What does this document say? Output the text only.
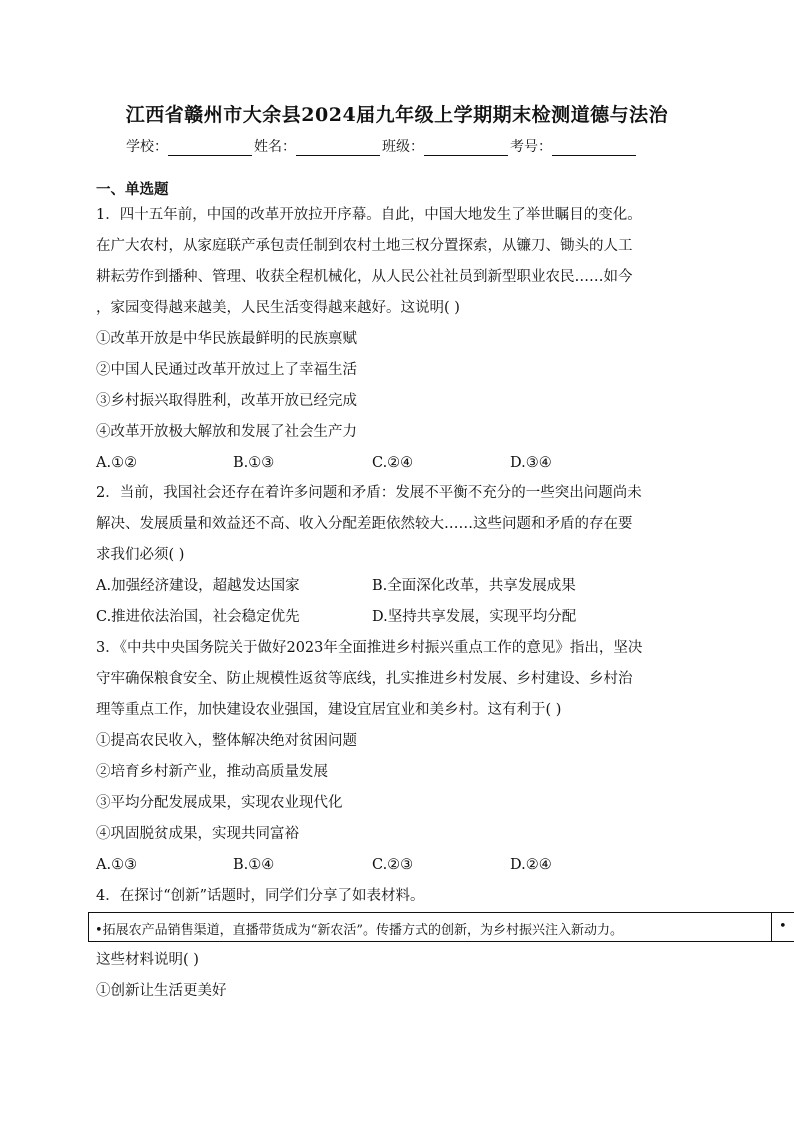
江西省赣州市大余县2024届九年级上学期期末检测道德与法治
学校：	姓名：	班级：	考号：
一、单选题
1．四十五年前，中国的改革开放拉开序幕。自此，中国大地发生了举世瞩目的变化。
在广大农村，从家庭联产承包责任制到农村土地三权分置探索，从镰刀、锄头的人工
耕耘劳作到播种、管理、收获全程机械化，从人民公社社员到新型职业农民……如今
，家园变得越来越美，人民生活变得越来越好。这说明( )
①改革开放是中华民族最鲜明的民族禀赋
②中国人民通过改革开放过上了幸福生活
③乡村振兴取得胜利，改革开放已经完成
④改革开放极大解放和发展了社会生产力
A.①②	B.①③	C.②④	D.③④
2．当前，我国社会还存在着许多问题和矛盾：发展不平衡不充分的一些突出问题尚未
解决、发展质量和效益还不高、收入分配差距依然较大……这些问题和矛盾的存在要
求我们必须( )
A.加强经济建设，超越发达国家	B.全面深化改革，共享发展成果
C.推进依法治国，社会稳定优先	D.坚持共享发展，实现平均分配
3．《中共中央国务院关于做好2023年全面推进乡村振兴重点工作的意见》指出，坚决
守牢确保粮食安全、防止规模性返贫等底线，扎实推进乡村发展、乡村建设、乡村治
理等重点工作，加快建设农业强国，建设宜居宜业和美乡村。这有利于( )
①提高农民收入，整体解决绝对贫困问题
②培育乡村新产业，推动高质量发展
③平均分配发展成果，实现农业现代化
④巩固脱贫成果，实现共同富裕
A.①③	B.①④	C.②③	D.②④
4．在探讨“创新”话题时，同学们分享了如表材料。
•拓展农产品销售渠道，直播带货成为“新农活”。传播方式的创新，为乡村振兴注入新动力。	•
这些材料说明( )
①创新让生活更美好
